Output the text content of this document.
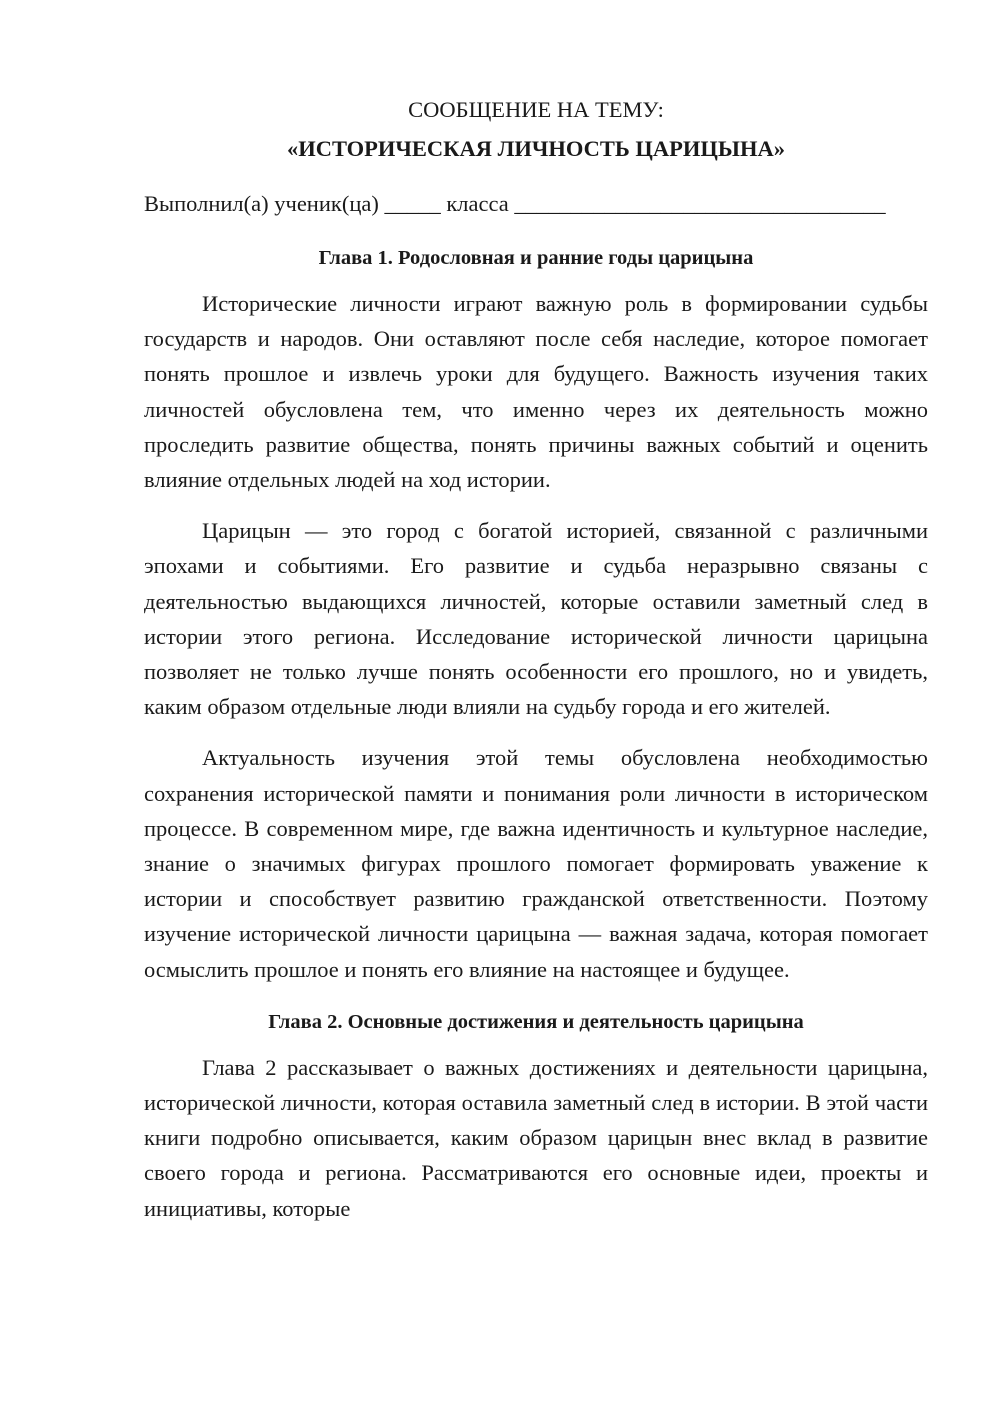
СООБЩЕНИЕ НА ТЕМУ:
«ИСТОРИЧЕСКАЯ ЛИЧНОСТЬ ЦАРИЦЫНА»

Выполнил(а) ученик(ца) _____ класса _________________________________

Глава 1. Родословная и ранние годы царицына

Исторические личности играют важную роль в формировании судьбы государств и народов. Они оставляют после себя наследие, которое помогает понять прошлое и извлечь уроки для будущего. Важность изучения таких личностей обусловлена тем, что именно через их деятельность можно проследить развитие общества, понять причины важных событий и оценить влияние отдельных людей на ход истории.

Царицын — это город с богатой историей, связанной с различными эпохами и событиями. Его развитие и судьба неразрывно связаны с деятельностью выдающихся личностей, которые оставили заметный след в истории этого региона. Исследование исторической личности царицына позволяет не только лучше понять особенности его прошлого, но и увидеть, каким образом отдельные люди влияли на судьбу города и его жителей.

Актуальность изучения этой темы обусловлена необходимостью сохранения исторической памяти и понимания роли личности в историческом процессе. В современном мире, где важна идентичность и культурное наследие, знание о значимых фигурах прошлого помогает формировать уважение к истории и способствует развитию гражданской ответственности. Поэтому изучение исторической личности царицына — важная задача, которая помогает осмыслить прошлое и понять его влияние на настоящее и будущее.

Глава 2. Основные достижения и деятельность царицына

Глава 2 рассказывает о важных достижениях и деятельности царицына, исторической личности, которая оставила заметный след в истории. В этой части книги подробно описывается, каким образом царицын внес вклад в развитие своего города и региона. Рассматриваются его основные идеи, проекты и инициативы, которые
